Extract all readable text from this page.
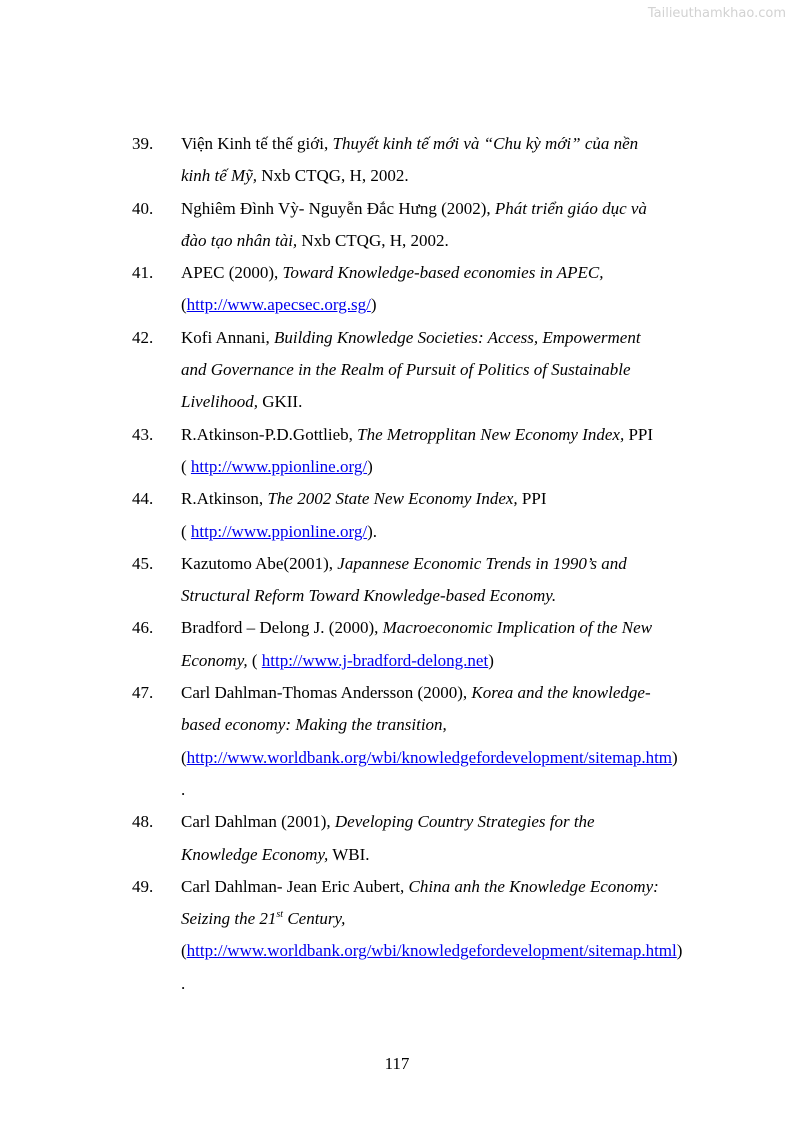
Tailieuthamkhao.com
39. Viện Kinh tế thế giới, Thuyết kinh tế mới và “Chu kỳ mới” của nền
kinh tế Mỹ, Nxb CTQG, H, 2002.
40. Nghiêm Đình Vỳ- Nguyễn Đắc Hưng (2002), Phát triển giáo dục và
đào tạo nhân tài, Nxb CTQG, H, 2002.
41. APEC (2000), Toward Knowledge-based economies in APEC,
(http://www.apecsec.org.sg/)
42. Kofi Annani, Building Knowledge Societies: Access, Empowerment
and Governance in the Realm of Pursuit of Politics of Sustainable
Livelihood, GKII.
43. R.Atkinson-P.D.Gottlieb, The Metropplitan New Economy Index, PPI
( http://www.ppionline.org/)
44. R.Atkinson, The 2002 State New Economy Index, PPI
( http://www.ppionline.org/).
45. Kazutomo Abe(2001), Japannese Economic Trends in 1990’s and
Structural Reform Toward Knowledge-based Economy.
46. Bradford – Delong J. (2000), Macroeconomic Implication of the New
Economy, ( http://www.j-bradford-delong.net)
47. Carl Dahlman-Thomas Andersson (2000), Korea and the knowledge-
based economy: Making the transition,
(http://www.worldbank.org/wbi/knowledgefordevelopment/sitemap.htm)
.
48. Carl Dahlman (2001), Developing Country Strategies for the
Knowledge Economy, WBI.
49. Carl Dahlman- Jean Eric Aubert, China anh the Knowledge Economy:
Seizing the 21st Century,
(http://www.worldbank.org/wbi/knowledgefordevelopment/sitemap.html)
.
117
